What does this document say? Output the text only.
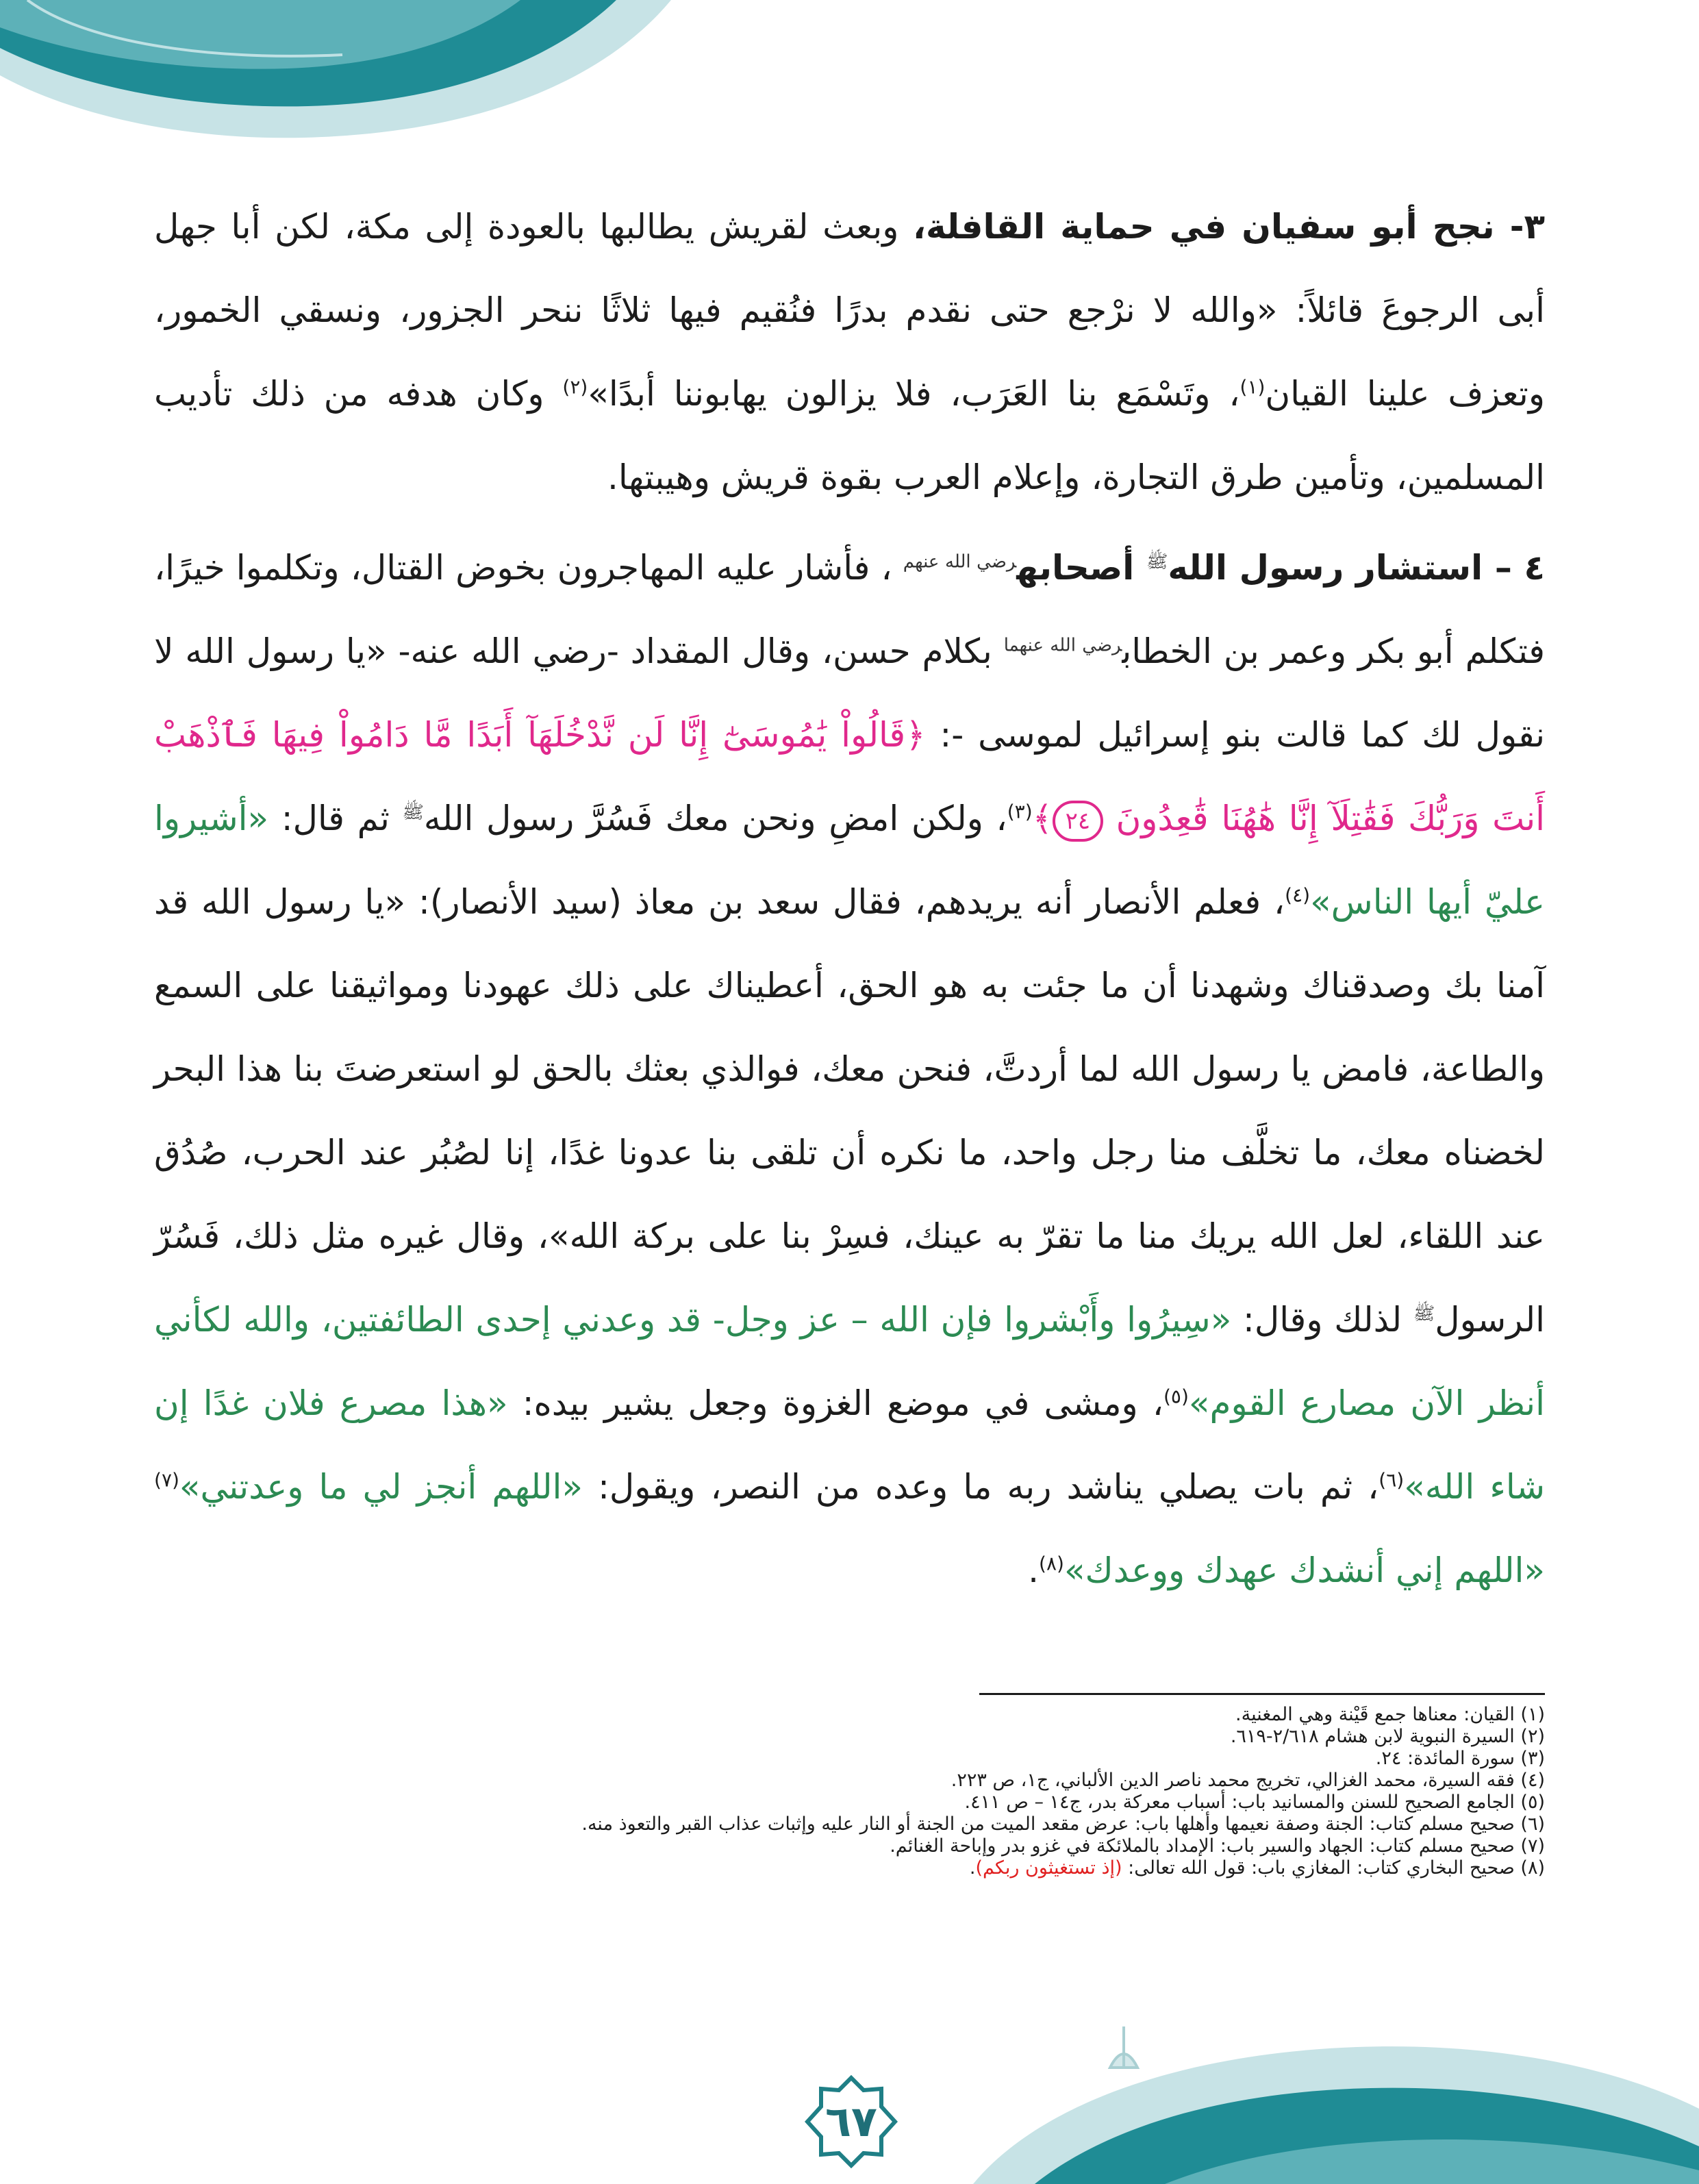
٣- نجح أبو سفيان في حماية القافلة، وبعث لقريش يطالبها بالعودة إلى مكة، لكن أبا جهل أبى الرجوعَ قائلاً: «والله لا نرْجع حتى نقدم بدرًا فنُقيم فيها ثلاثًا ننحر الجزور، ونسقي الخمور، وتعزف علينا القيان$^{(١)}$، وتَسْمَع بنا العَرَب، فلا يزالون يهابوننا أبدًا»$^{(٢)}$ وكان هدفه من ذلك تأديب المسلمين، وتأمين طرق التجارة، وإعلام العرب بقوة قريش وهيبتها.

٤ – استشار رسول الله$^ﷺ$ أصحابه$^{رضي الله عنهم}$ ، فأشار عليه المهاجرون بخوض القتال، وتكلموا خيرًا، فتكلم أبو بكر وعمر بن الخطاب$^{رضي الله عنهما}$ بكلام حسن، وقال المقداد -رضي الله عنه- «يا رسول الله لا نقول لك كما قالت بنو إسرائيل لموسى -: ﴿قَالُواْ يَٰمُوسَىٰٓ إِنَّا لَن نَّدْخُلَهَآ أَبَدًا مَّا دَامُواْ فِيهَا فَٱذْهَبْ أَنتَ وَرَبُّكَ فَقَٰتِلَآ إِنَّا هَٰهُنَا قَٰعِدُونَ ٢٤﴾$^{(٣)}$، ولكن امضِ ونحن معك فَسُرَّ رسول الله$^ﷺ$ ثم قال: «أشيروا عليّ أيها الناس»$^{(٤)}$، فعلم الأنصار أنه يريدهم، فقال سعد بن معاذ (سيد الأنصار): «يا رسول الله قد آمنا بك وصدقناك وشهدنا أن ما جئت به هو الحق، أعطيناك على ذلك عهودنا ومواثيقنا على السمع والطاعة، فامض يا رسول الله لما أردتَّ، فنحن معك، فوالذي بعثك بالحق لو استعرضتَ بنا هذا البحر لخضناه معك، ما تخلَّف منا رجل واحد، ما نكره أن تلقى بنا عدونا غدًا، إنا لصُبُر عند الحرب، صُدُق عند اللقاء، لعل الله يريك منا ما تقرّ به عينك، فسِرْ بنا على بركة الله»، وقال غيره مثل ذلك، فَسُرّ الرسول$^ﷺ$ لذلك وقال: «سِيرُوا وأَبْشروا فإن الله – عز وجل- قد وعدني إحدى الطائفتين، والله لكأني أنظر الآن مصارع القوم»$^{(٥)}$، ومشى في موضع الغزوة وجعل يشير بيده: «هذا مصرع فلان غدًا إن شاء الله»$^{(٦)}$، ثم بات يصلي يناشد ربه ما وعده من النصر، ويقول: «اللهم أنجز لي ما وعدتني»$^{(٧)}$ «اللهم إني أنشدك عهدك ووعدك»$^{(٨)}$.

(١) القيان: معناها جمع قَيْنة وهي المغنية.
(٢) السيرة النبوية لابن هشام ٢/٦١٨-٦١٩.
(٣) سورة المائدة: ٢٤.
(٤) فقه السيرة، محمد الغزالي، تخريج محمد ناصر الدين الألباني، ج١، ص ٢٢٣.
(٥) الجامع الصحيح للسنن والمسانيد باب: أسباب معركة بدر، ج١٤ – ص ٤١١.
(٦) صحيح مسلم كتاب: الجنة وصفة نعيمها وأهلها باب: عرض مقعد الميت من الجنة أو النار عليه وإثبات عذاب القبر والتعوذ منه.
(٧) صحيح مسلم كتاب: الجهاد والسير باب: الإمداد بالملائكة في غزو بدر وإباحة الغنائم.
(٨) صحيح البخاري كتاب: المغازي باب: قول الله تعالى: (إذ تستغيثون ربكم).
٦٧
